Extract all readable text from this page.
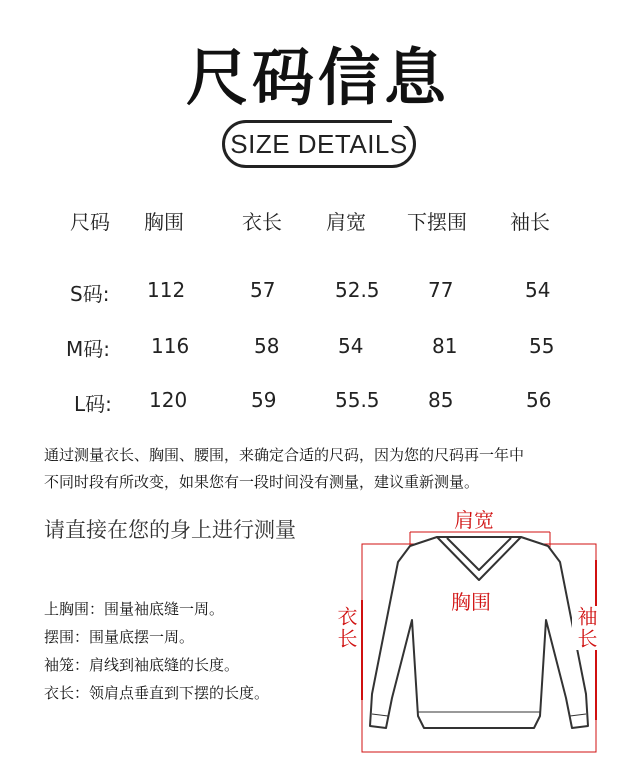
尺码信息
SIZE DETAILS
尺码 胸围	衣长 肩宽 下摆围 袖长
S码: 112	57	52.5 77	54
M码: 116	58	54	81	55
L码: 120	59	55.5 85	56
通过测量衣长、胸围、腰围，来确定合适的尺码，因为您的尺码再一年中
不同时段有所改变，如果您有一段时间没有测量，建议重新测量。
请直接在您的身上进行测量
上胸围：围量袖底缝一周。
摆围：围量底摆一周。
袖笼：肩线到袖底缝的长度。
衣长：领肩点垂直到下摆的长度。
肩宽
胸围
衣长	袖长
